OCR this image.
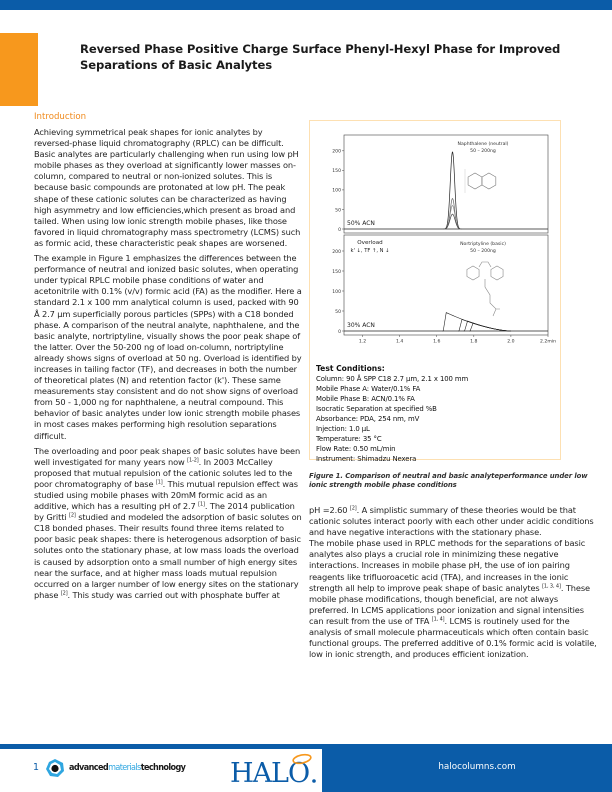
Reversed Phase Positive Charge Surface Phenyl-Hexyl Phase for Improved Separations of Basic Analytes
Introduction

Achieving symmetrical peak shapes for ionic analytes by reversed-phase liquid chromatography (RPLC) can be difficult. Basic analytes are particularly challenging when run using low pH mobile phases as they overload at significantly lower masses on-column, compared to neutral or non-ionized solutes. This is because basic compounds are protonated at low pH. The peak shape of these cationic solutes can be characterized as having high asymmetry and low efficiencies,which present as broad and tailed. When using low ionic strength mobile phases, like those favored in liquid chromatography mass spectrometry (LCMS) such as formic acid, these characteristic peak shapes are worsened.

The example in Figure 1 emphasizes the differences between the performance of neutral and ionized basic solutes, when operating under typical RPLC mobile phase conditions of water and acetonitrile with 0.1% (v/v) formic acid (FA) as the modifier. Here a standard 2.1 x 100 mm analytical column is used, packed with 90 Å 2.7 µm superficially porous particles (SPPs) with a C18 bonded phase. A comparison of the neutral analyte, naphthalene, and the basic analyte, nortriptyline, visually shows the poor peak shape of the latter. Over the 50-200 ng of load on-column, nortriptyline already shows signs of overload at 50 ng. Overload is identified by increases in tailing factor (TF), and decreases in both the number of theoretical plates (N) and retention factor (k'). These same measurements stay consistent and do not show signs of overload from 50 - 1,000 ng for naphthalene, a neutral compound. This behavior of basic analytes under low ionic strength mobile phases in most cases makes performing high resolution separations difficult.

The overloading and poor peak shapes of basic solutes have been well investigated for many years now [1-2]. In 2003 McCalley proposed that mutual repulsion of the cationic solutes led to the poor chromatography of base [1]. This mutual repulsion effect was studied using mobile phases with 20mM formic acid as an additive, which has a resulting pH of 2.7 [1]. The 2014 publication by Gritti [2] studied and modeled the adsorption of basic solutes on C18 bonded phases. Their results found three items related to poor basic peak shapes: there is heterogenous adsorption of basic solutes onto the stationary phase, at low mass loads the overload is caused by adsorption onto a small number of high energy sites near the surface, and at higher mass loads mutual repulsion occurred on a larger number of low energy sites on the stationary phase [2]. This study was carried out with phosphate buffer at

0
50
100
150
200
50% ACN
Naphthalene (neutral)
50 – 200ng
0
50
100
150
200
1.2	1.4	1.6	1.8	2.0	2.2min
Overload
k' ↓, TF ↑, N ↓
30% ACN
Nortriptyline (basic)
50 – 200ng
Test Conditions:
Column: 90 Å SPP C18 2.7 µm, 2.1 x 100 mm
Mobile Phase A: Water/0.1% FA
Mobile Phase B: ACN/0.1% FA
Isocratic Separation at specified %B
Absorbance: PDA, 254 nm, mV
Injection: 1.0 µL
Temperature: 35 °C
Flow Rate: 0.50 mL/min
Instrument: Shimadzu Nexera
Figure 1. Comparison of neutral and basic analyteperformance under low ionic strength mobile phase conditions

pH =2.60 [2]. A simplistic summary of these theories would be that cationic solutes interact poorly with each other under acidic conditions and have negative interactions with the stationary phase.

The mobile phase used in RPLC methods for the separations of basic analytes also plays a crucial role in minimizing these negative interactions. Increases in mobile phase pH, the use of ion pairing reagents like trifluoroacetic acid (TFA), and increases in the ionic strength all help to improve peak shape of basic analytes [1, 3, 4]. These mobile phase modifications, though beneficial, are not always preferred. In LCMS applications poor ionization and signal intensities can result from the use of TFA [1, 4]. LCMS is routinely used for the analysis of small molecule pharmaceuticals which often contain basic functional groups. The preferred additive of 0.1% formic acid is volatile, low in ionic strength, and produces efficient ionization.

1	advancedmaterialstechnology HALO	halocolumns.com
